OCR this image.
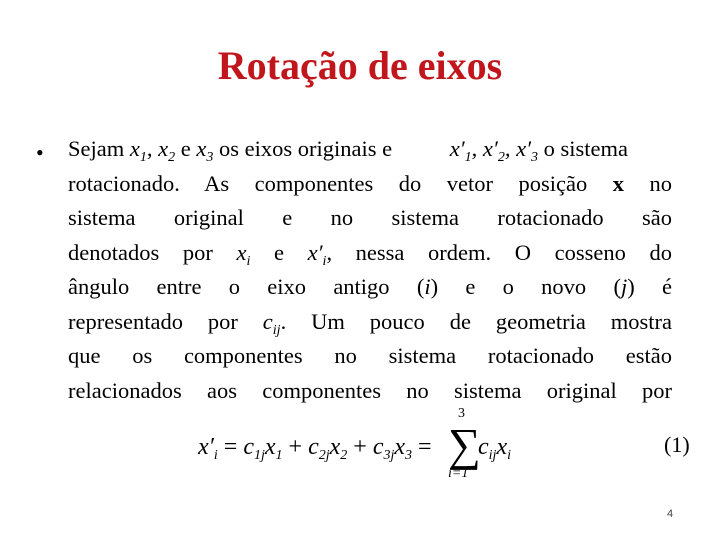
Rotação de eixos
• Sejam $x_1$, $x_2$ e $x_3$ os eixos originais e	$x'_1$, $x'_2$, $x'_3$ o sistema
rotacionado. As componentes do vetor posição x no
sistema original e no sistema rotacionado são
denotados por $x_i$ e $x'_i$, nessa ordem. O cosseno do
ângulo entre o eixo antigo (i) e o novo (j) é
representado por $c_{ij}$. Um pouco de geometria mostra
que os componentes no sistema rotacionado estão
relacionados aos componentes no sistema original por
$x'_i = c_{1j}x_1 + c_{2j}x_2 + c_{3j}x_3$ =
3
∑
i=1
$c_{ij}x_i$	(1)
4
